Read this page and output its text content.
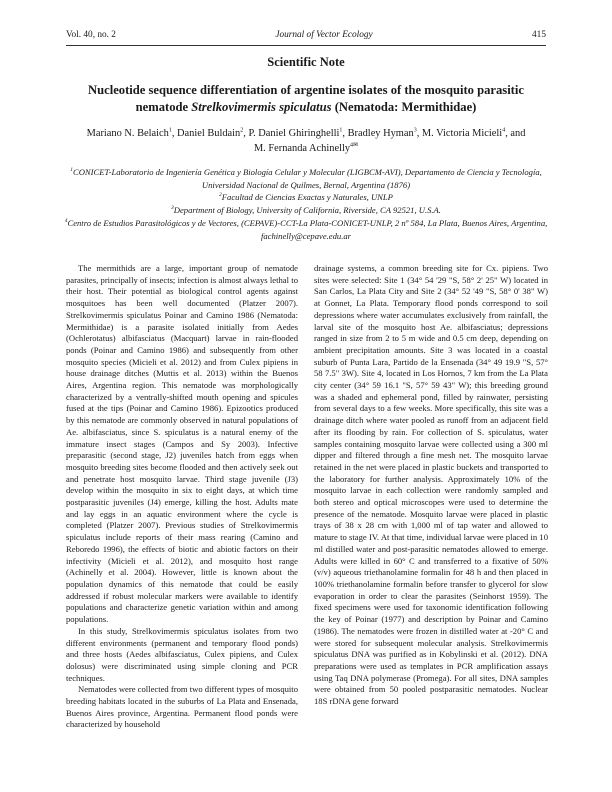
Vol. 40, no. 2	Journal of Vector Ecology	415
Scientific Note
Nucleotide sequence differentiation of argentine isolates of the mosquito parasitic
nematode Strelkovimermis spiculatus (Nematoda: Mermithidae)
Mariano N. Belaich$^1$, Daniel Buldain$^2$, P. Daniel Ghiringhelli$^1$, Bradley Hyman$^3$, M. Victoria Micieli$^4$, and
M. Fernanda Achinelly$^{4✉}$
$^1$CONICET-Laboratorio de Ingeniería Genética y Biología Celular y Molecular (LIGBCM-AVI), Departamento de Ciencia y Tecnología, Universidad Nacional de Quilmes, Bernal, Argentina (1876)
$^2$Facultad de Ciencias Exactas y Naturales, UNLP
$^3$Department of Biology, University of California, Riverside, CA 92521, U.S.A.
$^4$Centro de Estudios Parasitológicos y de Vectores, (CEPAVE)-CCT-La Plata-CONICET-UNLP, 2 nº 584, La Plata, Buenos Aires, Argentina, fachinelly@cepave.edu.ar

The mermithids are a large, important group of nematode parasites, principally of insects; infection is almost always lethal to their host. Their potential as biological control agents against mosquitoes has been well documented (Platzer 2007). Strelkovimermis spiculatus Poinar and Camino 1986 (Nematoda: Mermithidae) is a parasite isolated initially from Aedes (Ochlerotatus) albifasciatus (Macquart) larvae in rain-flooded ponds (Poinar and Camino 1986) and subsequently from other mosquito species (Micieli et al. 2012) and from Culex pipiens in house drainage ditches (Muttis et al. 2013) within the Buenos Aires, Argentina region. This nematode was morphologically characterized by a ventrally-shifted mouth opening and spicules fused at the tips (Poinar and Camino 1986). Epizootics produced by this nematode are commonly observed in natural populations of Ae. albifasciatus, since S. spiculatus is a natural enemy of the immature insect stages (Campos and Sy 2003). Infective preparasitic (second stage, J2) juveniles hatch from eggs when mosquito breeding sites become flooded and then actively seek out and penetrate host mosquito larvae. Third stage juvenile (J3) develop within the mosquito in six to eight days, at which time postparasitic juveniles (J4) emerge, killing the host. Adults mate and lay eggs in an aquatic environment where the cycle is completed (Platzer 2007). Previous studies of Strelkovimermis spiculatus include reports of their mass rearing (Camino and Reboredo 1996), the effects of biotic and abiotic factors on their infectivity (Micieli et al. 2012), and mosquito host range (Achinelly et al. 2004). However, little is known about the population dynamics of this nematode that could be easily addressed if robust molecular markers were available to identify populations and characterize genetic variation within and among populations.

In this study, Strelkovimermis spiculatus isolates from two different environments (permanent and temporary flood ponds) and three hosts (Aedes albifasciatus, Culex pipiens, and Culex dolosus) were discriminated using simple cloning and PCR techniques.

Nematodes were collected from two different types of mosquito breeding habitats located in the suburbs of La Plata and Ensenada, Buenos Aires province, Argentina. Permanent flood ponds were characterized by household

drainage systems, a common breeding site for Cx. pipiens. Two sites were selected: Site 1 (34° 54 '29 "S, 58° 2' 25" W) located in San Carlos, La Plata City and Site 2 (34° 52 '49 "S, 58° 0' 38" W) at Gonnet, La Plata. Temporary flood ponds correspond to soil depressions where water accumulates exclusively from rainfall, the larval site of the mosquito host Ae. albifasciatus; depressions ranged in size from 2 to 5 m wide and 0.5 cm deep, depending on ambient precipitation amounts. Site 3 was located in a coastal suburb of Punta Lara, Partido de la Ensenada (34° 49 19.9 "S, 57° 58 7.5" 3W). Site 4, located in Los Hornos, 7 km from the La Plata city center (34° 59 16.1 "S, 57° 59 43" W); this breeding ground was a shaded and ephemeral pond, filled by rainwater, persisting from several days to a few weeks. More specifically, this site was a drainage ditch where water pooled as runoff from an adjacent field after its flooding by rain. For collection of S. spiculatus, water samples containing mosquito larvae were collected using a 300 ml dipper and filtered through a fine mesh net. The mosquito larvae retained in the net were placed in plastic buckets and transported to the laboratory for further analysis. Approximately 10% of the mosquito larvae in each collection were randomly sampled and both stereo and optical microscopes were used to determine the presence of the nematode. Mosquito larvae were placed in plastic trays of 38 x 28 cm with 1,000 ml of tap water and allowed to mature to stage IV. At that time, individual larvae were placed in 10 ml distilled water and post-parasitic nematodes allowed to emerge. Adults were killed in 60° C and transferred to a fixative of 50% (v/v) aqueous triethanolamine formalin for 48 h and then placed in 100% triethanolamine formalin before transfer to glycerol for slow evaporation in order to clear the parasites (Seinhorst 1959). The fixed specimens were used for taxonomic identification following the key of Poinar (1977) and description by Poinar and Camino (1986). The nematodes were frozen in distilled water at -20° C and were stored for subsequent molecular analysis. Strelkovimermis spiculatus DNA was purified as in Kobylinski et al. (2012). DNA preparations were used as templates in PCR amplification assays using Taq DNA polymerase (Promega). For all sites, DNA samples were obtained from 50 pooled postparasitic nematodes. Nuclear 18S rDNA gene forward
